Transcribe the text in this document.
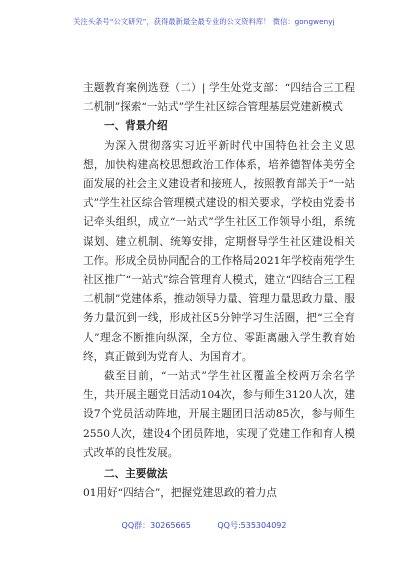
关注头条号“公文研究”，获得最新最全最专业的公文资料库！ 微信：gongwenyj

主题教育案例选登（二）| 学生处党支部：“四结合三工程二机制”探索“一站式”学生社区综合管理基层党建新模式

一、背景介绍

为深入贯彻落实习近平新时代中国特色社会主义思想，加快构建高校思想政治工作体系，培养德智体美劳全面发展的社会主义建设者和接班人，按照教育部关于“一站式”学生社区综合管理模式建设的相关要求，学校由党委书记牵头组织，成立“一站式”学生社区工作领导小组，系统谋划、建立机制、统筹安排，定期督导学生社区建设相关工作。形成全员协同配合的工作格局2021年学校南苑学生社区推广“一站式”综合管理育人模式，建立“四结合三工程二机制”党建体系，推动领导力量、管理力量思政力量、服务力量沉到一线，形成社区5分钟学习生活圈，把“三全育人”理念不断推向纵深，全方位、零距离融入学生教育始终，真正做到为党育人、为国育才。

截至目前，“一站式”学生社区覆盖全校两万余名学生，共开展主题党日活动104次，参与师生3120人次，建设7个党员活动阵地，开展主题团日活动85次，参与师生2550人次，建设4个团员阵地，实现了党建工作和育人模式改革的良性发展。

二、主要做法

01用好“四结合”，把握党建思政的着力点

QQ群：30265665	QQ号:535304092
